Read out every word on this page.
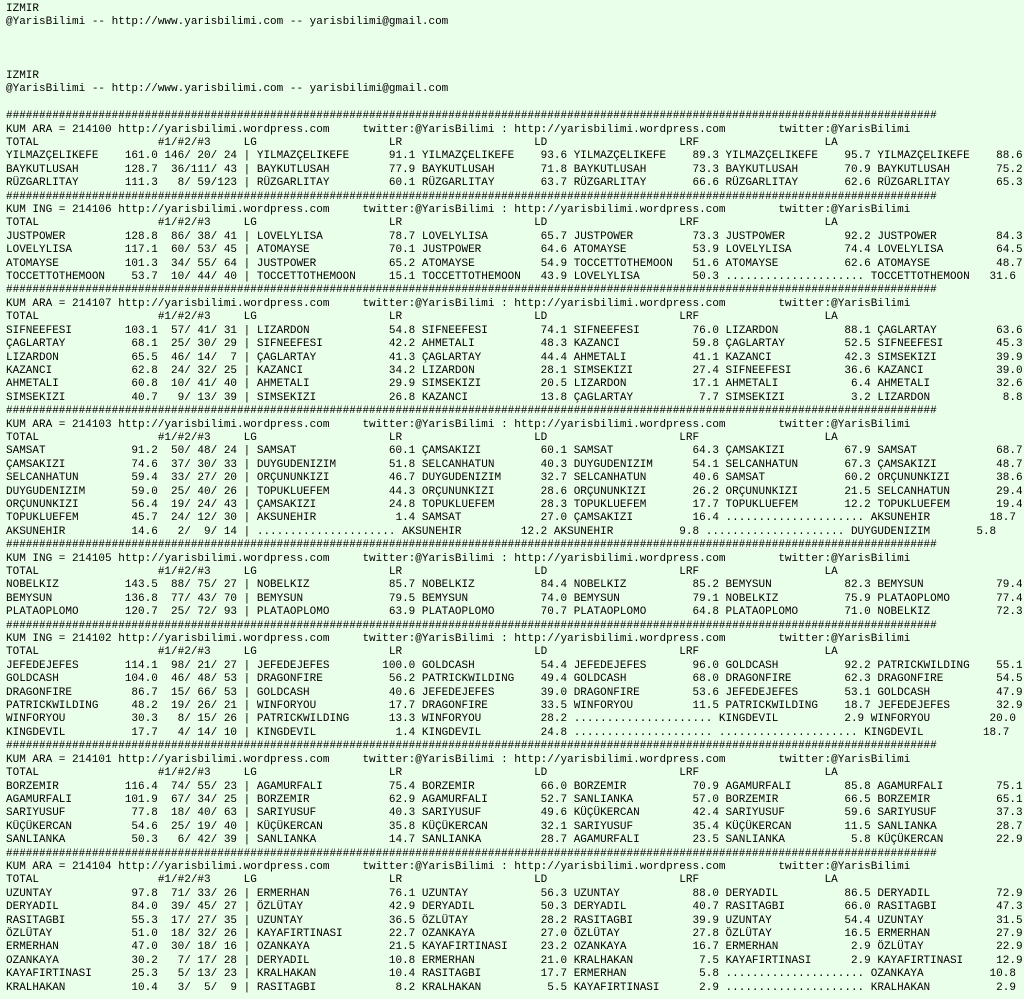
IZMIR
@YarisBilimi -- http://www.yarisbilimi.com -- yarisbilimi@gmail.com
IZMIR
@YarisBilimi -- http://www.yarisbilimi.com -- yarisbilimi@gmail.com
#############################################################################################################################################
KUM ARA = 214100 http://yarisbilimi.wordpress.com     twitter:@YarisBilimi : http://yarisbilimi.wordpress.com        twitter:@YarisBilimi
TOTAL                  #1/#2/#3     LG                    LR                    LD                    LRF                   LA
YILMAZÇELIKEFE    161.0 146/ 20/ 24 | YILMAZÇELIKEFE      91.1 YILMAZÇELIKEFE    93.6 YILMAZÇELIKEFE    89.3 YILMAZÇELIKEFE    95.7 YILMAZÇELIKEFE    88.6
BAYKUTLUSAH       128.7  36/111/ 43 | BAYKUTLUSAH         77.9 BAYKUTLUSAH       71.8 BAYKUTLUSAH       73.3 BAYKUTLUSAH       70.9 BAYKUTLUSAH       75.2
RÜZGARLITAY       111.3   8/ 59/123 | RÜZGARLITAY         60.1 RÜZGARLITAY       63.7 RÜZGARLITAY       66.6 RÜZGARLITAY       62.6 RÜZGARLITAY       65.3
#############################################################################################################################################
KUM ING = 214106 http://yarisbilimi.wordpress.com     twitter:@YarisBilimi : http://yarisbilimi.wordpress.com        twitter:@YarisBilimi
TOTAL                  #1/#2/#3     LG                    LR                    LD                    LRF                   LA
JUSTPOWER         128.8  86/ 38/ 41 | LOVELYLISA          78.7 LOVELYLISA        65.7 JUSTPOWER         73.3 JUSTPOWER         92.2 JUSTPOWER         84.3
LOVELYLISA        117.1  60/ 53/ 45 | ATOMAYSE            70.1 JUSTPOWER         64.6 ATOMAYSE          53.9 LOVELYLISA        74.4 LOVELYLISA        64.5
ATOMAYSE          101.3  34/ 55/ 64 | JUSTPOWER           65.2 ATOMAYSE          54.9 TOCCETTOTHEMOON   51.6 ATOMAYSE          62.6 ATOMAYSE          48.7
TOCCETTOTHEMOON    53.7  10/ 44/ 40 | TOCCETTOTHEMOON     15.1 TOCCETTOTHEMOON   43.9 LOVELYLISA        50.3 ..................... TOCCETTOTHEMOON   31.6
#############################################################################################################################################
KUM ARA = 214107 http://yarisbilimi.wordpress.com     twitter:@YarisBilimi : http://yarisbilimi.wordpress.com        twitter:@YarisBilimi
TOTAL                  #1/#2/#3     LG                    LR                    LD                    LRF                   LA
SIFNEEFESI        103.1  57/ 41/ 31 | LIZARDON            54.8 SIFNEEFESI        74.1 SIFNEEFESI        76.0 LIZARDON          88.1 ÇAGLARTAY         63.6
ÇAGLARTAY          68.1  25/ 30/ 29 | SIFNEEFESI          42.2 AHMETALI          48.3 KAZANCI           59.8 ÇAGLARTAY         52.5 SIFNEEFESI        45.3
LIZARDON           65.5  46/ 14/  7 | ÇAGLARTAY           41.3 ÇAGLARTAY         44.4 AHMETALI          41.1 KAZANCI           42.3 SIMSEKIZI         39.9
KAZANCI            62.8  24/ 32/ 25 | KAZANCI             34.2 LIZARDON          28.1 SIMSEKIZI         27.4 SIFNEEFESI        36.6 KAZANCI           39.0
AHMETALI           60.8  10/ 41/ 40 | AHMETALI            29.9 SIMSEKIZI         20.5 LIZARDON          17.1 AHMETALI           6.4 AHMETALI          32.6
SIMSEKIZI          40.7   9/ 13/ 39 | SIMSEKIZI           26.8 KAZANCI           13.8 ÇAGLARTAY          7.7 SIMSEKIZI          3.2 LIZARDON           8.8
#############################################################################################################################################
KUM ARA = 214103 http://yarisbilimi.wordpress.com     twitter:@YarisBilimi : http://yarisbilimi.wordpress.com        twitter:@YarisBilimi
TOTAL                  #1/#2/#3     LG                    LR                    LD                    LRF                   LA
SAMSAT             91.2  50/ 48/ 24 | SAMSAT              60.1 ÇAMSAKIZI         60.1 SAMSAT            64.3 ÇAMSAKIZI         67.9 SAMSAT            68.7
ÇAMSAKIZI          74.6  37/ 30/ 33 | DUYGUDENIZIM        51.8 SELCANHATUN       40.3 DUYGUDENIZIM      54.1 SELCANHATUN       67.3 ÇAMSAKIZI         48.7
SELCANHATUN        59.4  33/ 27/ 20 | ORÇUNUNKIZI         46.7 DUYGUDENIZIM      32.7 SELCANHATUN       40.6 SAMSAT            60.2 ORÇUNUNKIZI       38.6
DUYGUDENIZIM       59.0  25/ 40/ 26 | TOPUKLUEFEM         44.3 ORÇUNUNKIZI       28.6 ORÇUNUNKIZI       26.2 ORÇUNUNKIZI       21.5 SELCANHATUN       29.4
ORÇUNUNKIZI        56.4  19/ 24/ 43 | ÇAMSAKIZI           24.8 TOPUKLUEFEM       28.3 TOPUKLUEFEM       17.7 TOPUKLUEFEM       12.2 TOPUKLUEFEM       19.4
TOPUKLUEFEM        45.7  24/ 12/ 30 | AKSUNEHIR            1.4 SAMSAT            27.0 ÇAMSAKIZI         16.4 ..................... AKSUNEHIR         18.7
AKSUNEHIR          14.6   2/  9/ 14 | ..................... AKSUNEHIR         12.2 AKSUNEHIR          9.8 ..................... DUYGUDENIZIM       5.8
#############################################################################################################################################
KUM ING = 214105 http://yarisbilimi.wordpress.com     twitter:@YarisBilimi : http://yarisbilimi.wordpress.com        twitter:@YarisBilimi
TOTAL                  #1/#2/#3     LG                    LR                    LD                    LRF                   LA
NOBELKIZ          143.5  88/ 75/ 27 | NOBELKIZ            85.7 NOBELKIZ          84.4 NOBELKIZ          85.2 BEMYSUN           82.3 BEMYSUN           79.4
BEMYSUN           136.8  77/ 43/ 70 | BEMYSUN             79.5 BEMYSUN           74.0 BEMYSUN           79.1 NOBELKIZ          75.9 PLATAOPLOMO       77.4
PLATAOPLOMO       120.7  25/ 72/ 93 | PLATAOPLOMO         63.9 PLATAOPLOMO       70.7 PLATAOPLOMO       64.8 PLATAOPLOMO       71.0 NOBELKIZ          72.3
#############################################################################################################################################
KUM ING = 214102 http://yarisbilimi.wordpress.com     twitter:@YarisBilimi : http://yarisbilimi.wordpress.com        twitter:@YarisBilimi
TOTAL                  #1/#2/#3     LG                    LR                    LD                    LRF                   LA
JEFEDEJEFES       114.1  98/ 21/ 27 | JEFEDEJEFES        100.0 GOLDCASH          54.4 JEFEDEJEFES       96.0 GOLDCASH          92.2 PATRICKWILDING    55.1
GOLDCASH          104.0  46/ 48/ 53 | DRAGONFIRE          56.2 PATRICKWILDING    49.4 GOLDCASH          68.0 DRAGONFIRE        62.3 DRAGONFIRE        54.5
DRAGONFIRE         86.7  15/ 66/ 53 | GOLDCASH            40.6 JEFEDEJEFES       39.0 DRAGONFIRE        53.6 JEFEDEJEFES       53.1 GOLDCASH          47.9
PATRICKWILDING     48.2  19/ 26/ 21 | WINFORYOU           17.7 DRAGONFIRE        33.5 WINFORYOU         11.5 PATRICKWILDING    18.7 JEFEDEJEFES       32.9
WINFORYOU          30.3   8/ 15/ 26 | PATRICKWILDING      13.3 WINFORYOU         28.2 ..................... KINGDEVIL          2.9 WINFORYOU         20.0
KINGDEVIL          17.7   4/ 14/ 10 | KINGDEVIL            1.4 KINGDEVIL         24.8 ..................... ..................... KINGDEVIL         18.7
#############################################################################################################################################
KUM ARA = 214101 http://yarisbilimi.wordpress.com     twitter:@YarisBilimi : http://yarisbilimi.wordpress.com        twitter:@YarisBilimi
TOTAL                  #1/#2/#3     LG                    LR                    LD                    LRF                   LA
BORZEMIR          116.4  74/ 55/ 23 | AGAMURFALI          75.4 BORZEMIR          66.0 BORZEMIR          70.9 AGAMURFALI        85.8 AGAMURFALI        75.1
AGAMURFALI        101.9  67/ 34/ 25 | BORZEMIR            62.9 AGAMURFALI        52.7 SANLIANKA         57.0 BORZEMIR          66.5 BORZEMIR          65.1
SARIYUSUF          77.8  18/ 40/ 63 | SARIYUSUF           40.3 SARIYUSUF         49.6 KÜÇÜKERCAN        42.4 SARIYUSUF         59.6 SARIYUSUF         37.3
KÜÇÜKERCAN         54.6  25/ 19/ 40 | KÜÇÜKERCAN          35.8 KÜÇÜKERCAN        32.1 SARIYUSUF         35.4 KÜÇÜKERCAN        11.5 SANLIANKA         28.7
SANLIANKA          50.3   6/ 42/ 39 | SANLIANKA           14.7 SANLIANKA         28.7 AGAMURFALI        23.5 SANLIANKA          5.8 KÜÇÜKERCAN        22.9
#############################################################################################################################################
KUM ARA = 214104 http://yarisbilimi.wordpress.com     twitter:@YarisBilimi : http://yarisbilimi.wordpress.com        twitter:@YarisBilimi
TOTAL                  #1/#2/#3     LG                    LR                    LD                    LRF                   LA
UZUNTAY            97.8  71/ 33/ 26 | ERMERHAN            76.1 UZUNTAY           56.3 UZUNTAY           88.0 DERYADIL          86.5 DERYADIL          72.9
DERYADIL           84.0  39/ 45/ 27 | ÖZLÜTAY             42.9 DERYADIL          50.3 DERYADIL          40.7 RASITAGBI         66.0 RASITAGBI         47.3
RASITAGBI          55.3  17/ 27/ 35 | UZUNTAY             36.5 ÖZLÜTAY           28.2 RASITAGBI         39.9 UZUNTAY           54.4 UZUNTAY           31.5
ÖZLÜTAY            51.0  18/ 32/ 26 | KAYAFIRTINASI       22.7 OZANKAYA          27.0 ÖZLÜTAY           27.8 ÖZLÜTAY           16.5 ERMERHAN          27.9
ERMERHAN           47.0  30/ 18/ 16 | OZANKAYA            21.5 KAYAFIRTINASI     23.2 OZANKAYA          16.7 ERMERHAN           2.9 ÖZLÜTAY           22.9
OZANKAYA           30.2   7/ 17/ 28 | DERYADIL            10.8 ERMERHAN          21.0 KRALHAKAN          7.5 KAYAFIRTINASI      2.9 KAYAFIRTINASI     12.9
KAYAFIRTINASI      25.3   5/ 13/ 23 | KRALHAKAN           10.4 RASITAGBI         17.7 ERMERHAN           5.8 ..................... OZANKAYA          10.8
KRALHAKAN          10.4   3/  5/  9 | RASITAGBI            8.2 KRALHAKAN          5.5 KAYAFIRTINASI      2.9 ..................... KRALHAKAN          2.9
